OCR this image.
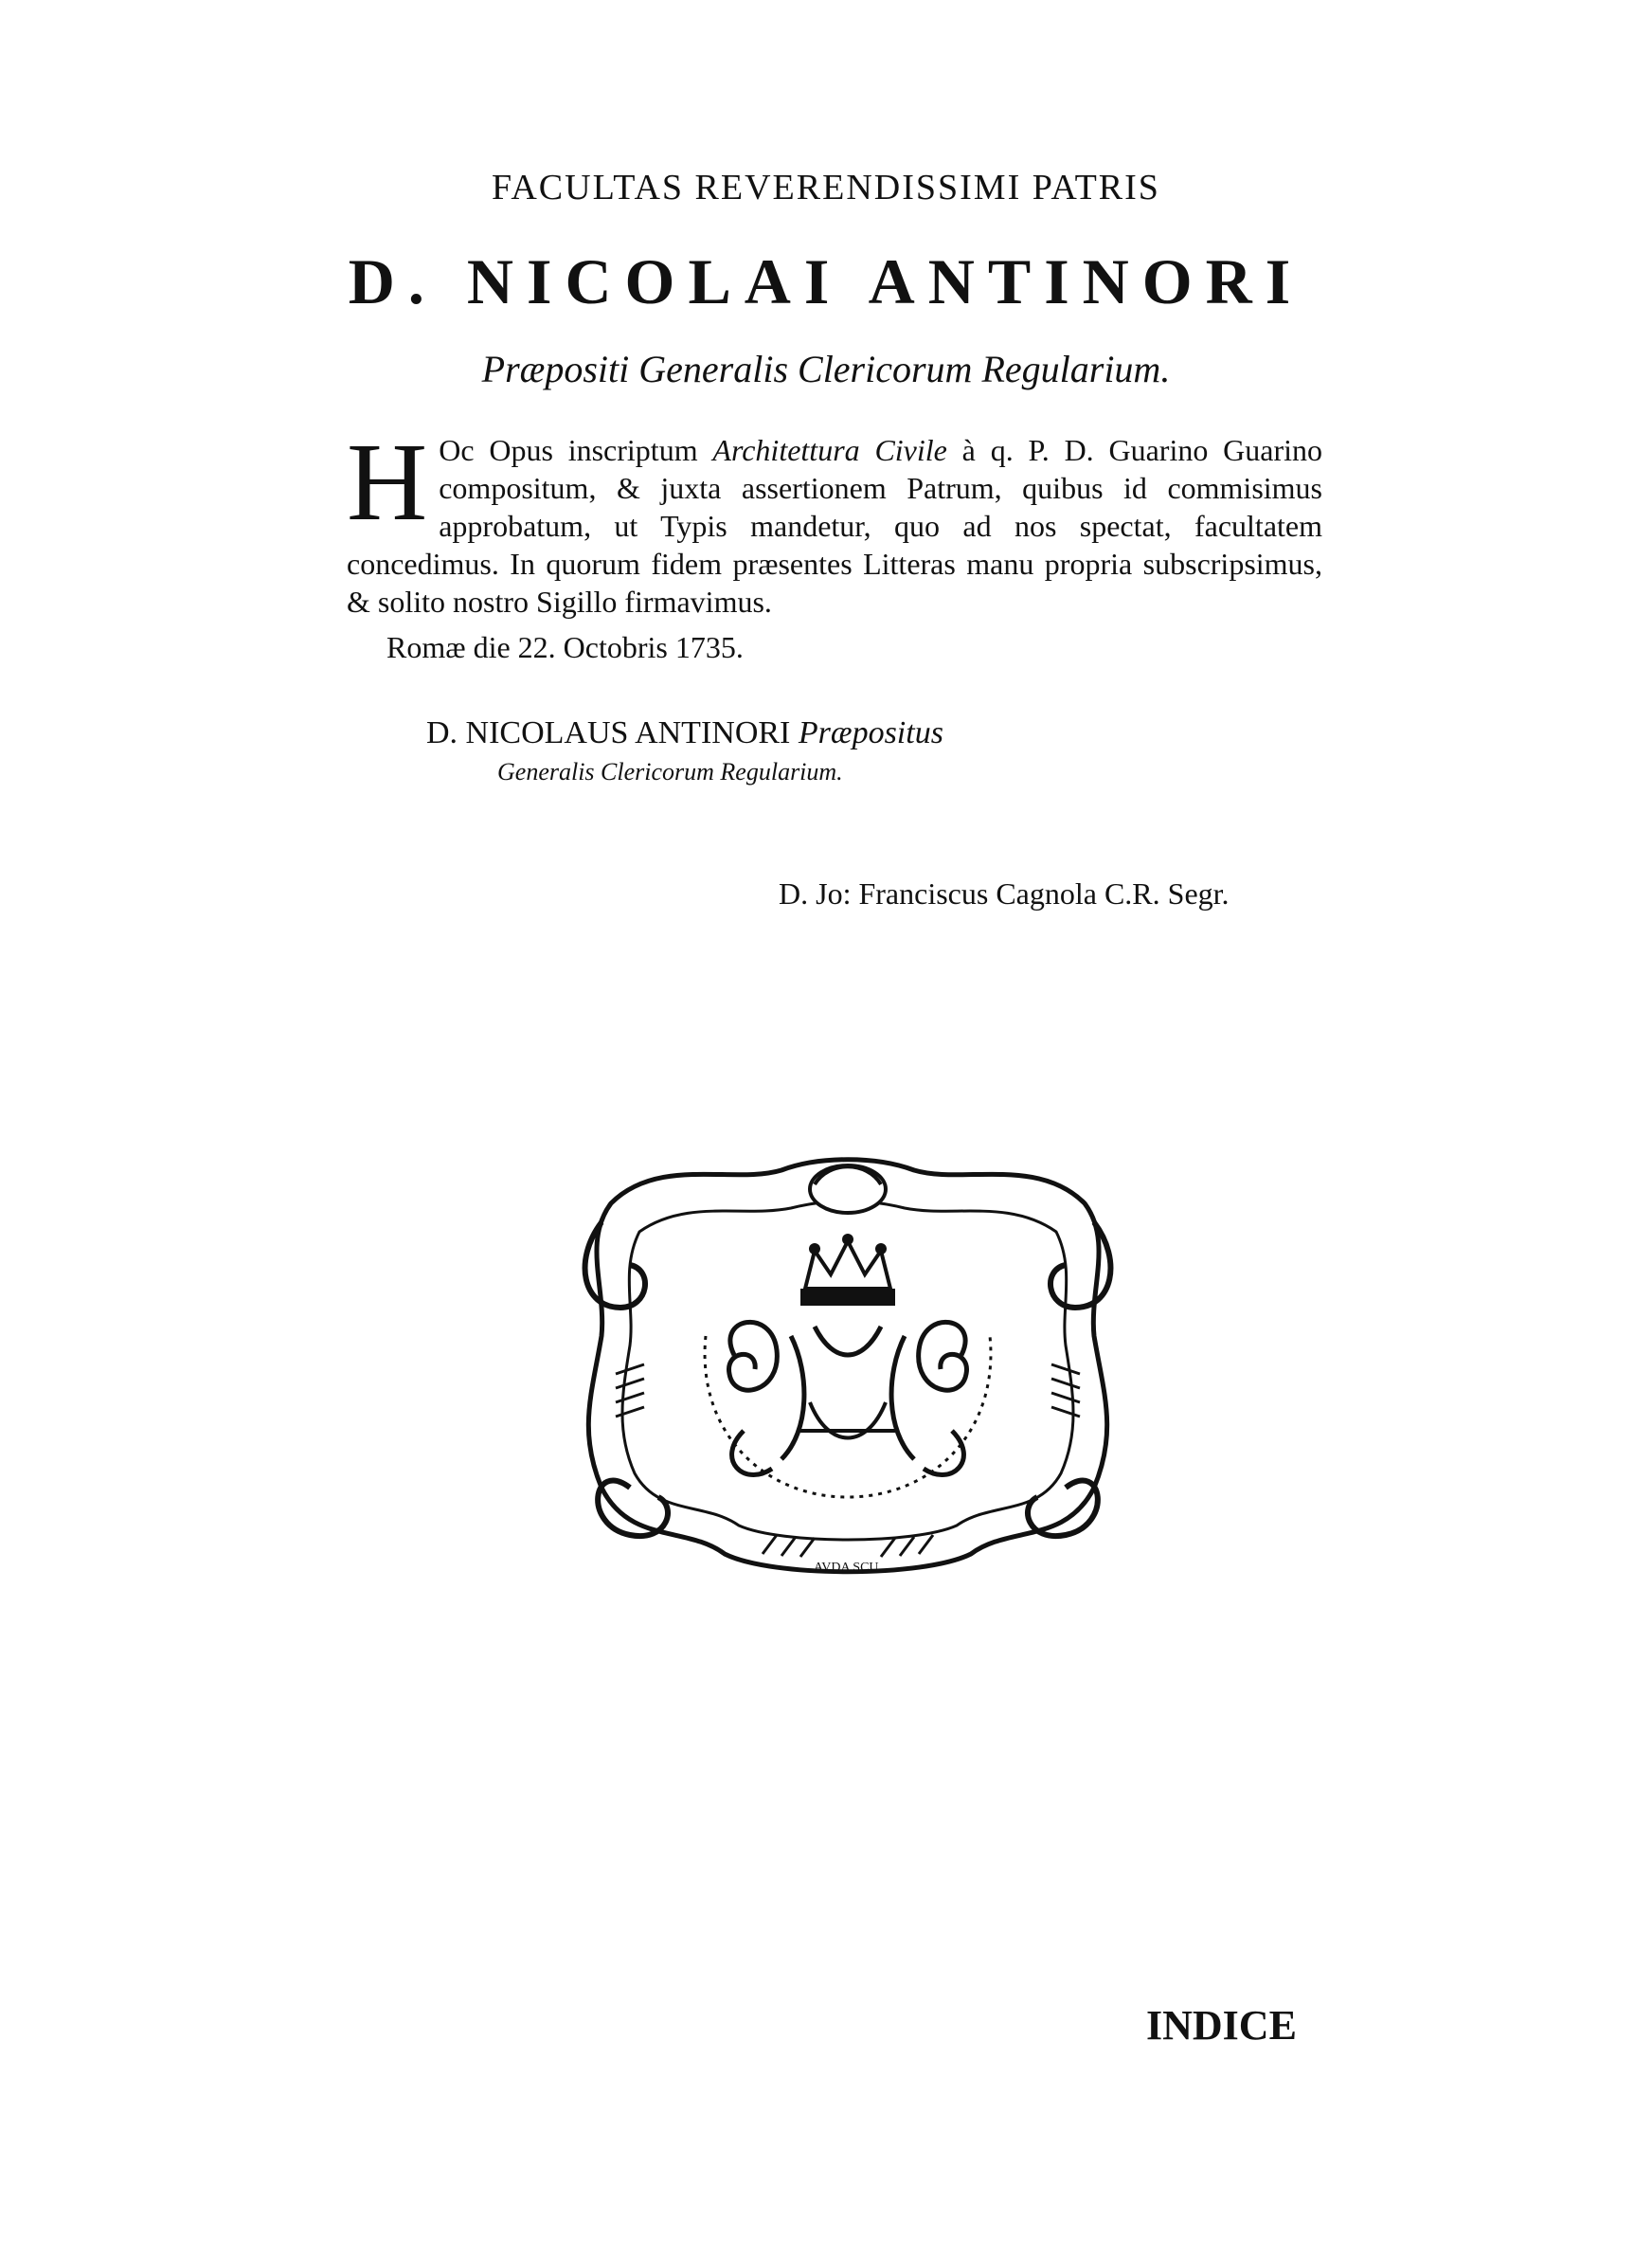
FACULTAS REVERENDISSIMI PATRIS
D. NICOLAI ANTINORI
Præpositi Generalis Clericorum Regularium.
H Oc Opus inscriptum Architettura Civile à q. P. D. Guarino Guarino compositum, & juxta assertionem Patrum, quibus id commisimus approbatum, ut Typis mandetur, quo ad nos spectat, facultatem concedimus. In quorum fidem præsentes Litteras manu propria subscripsimus, & solito nostro Sigillo firmavimus.
Romæ die 22. Octobris 1735.
D. NICOLAUS ANTINORI Præpositus
Generalis Clericorum Regularium.
D. Jo: Franciscus Cagnola C.R. Segr.
AVDA SCU.
INDICE
